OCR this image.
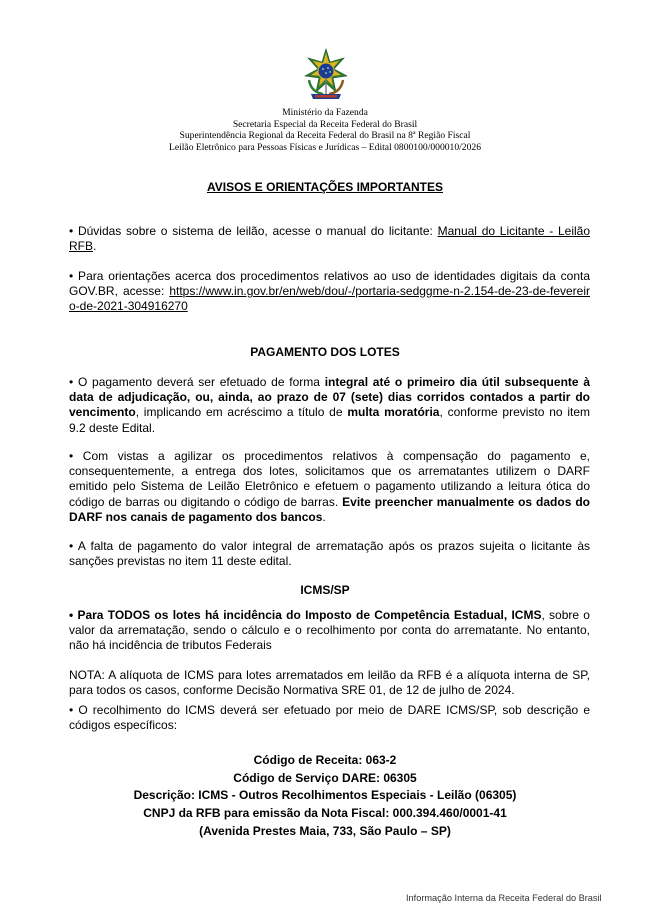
Ministério da Fazenda
Secretaria Especial da Receita Federal do Brasil
Superintendência Regional da Receita Federal do Brasil na 8ª Região Fiscal
Leilão Eletrônico para Pessoas Físicas e Jurídicas – Edital 0800100/000010/2026
AVISOS E ORIENTAÇÕES IMPORTANTES
• Dúvidas sobre o sistema de leilão, acesse o manual do licitante: Manual do Licitante - Leilão RFB.
• Para orientações acerca dos procedimentos relativos ao uso de identidades digitais da conta GOV.BR, acesse: https://www.in.gov.br/en/web/dou/-/portaria-sedggme-n-2.154-de-23-de-fevereiro-de-2021-304916270
PAGAMENTO DOS LOTES
• O pagamento deverá ser efetuado de forma integral até o primeiro dia útil subsequente à data de adjudicação, ou, ainda, ao prazo de 07 (sete) dias corridos contados a partir do vencimento, implicando em acréscimo a título de multa moratória, conforme previsto no item 9.2 deste Edital.
• Com vistas a agilizar os procedimentos relativos à compensação do pagamento e, consequentemente, a entrega dos lotes, solicitamos que os arrematantes utilizem o DARF emitido pelo Sistema de Leilão Eletrônico e efetuem o pagamento utilizando a leitura ótica do código de barras ou digitando o código de barras. Evite preencher manualmente os dados do DARF nos canais de pagamento dos bancos.
• A falta de pagamento do valor integral de arrematação após os prazos sujeita o licitante às sanções previstas no item 11 deste edital.
ICMS/SP
• Para TODOS os lotes há incidência do Imposto de Competência Estadual, ICMS, sobre o valor da arrematação, sendo o cálculo e o recolhimento por conta do arrematante. No entanto, não há incidência de tributos Federais
NOTA: A alíquota de ICMS para lotes arrematados em leilão da RFB é a alíquota interna de SP, para todos os casos, conforme Decisão Normativa SRE 01, de 12 de julho de 2024.
• O recolhimento do ICMS deverá ser efetuado por meio de DARE ICMS/SP, sob descrição e códigos específicos:
Código de Receita: 063-2
Código de Serviço DARE: 06305
Descrição: ICMS - Outros Recolhimentos Especiais - Leilão (06305)
CNPJ da RFB para emissão da Nota Fiscal: 000.394.460/0001-41
(Avenida Prestes Maia, 733, São Paulo – SP)
Informação Interna da Receita Federal do Brasil
